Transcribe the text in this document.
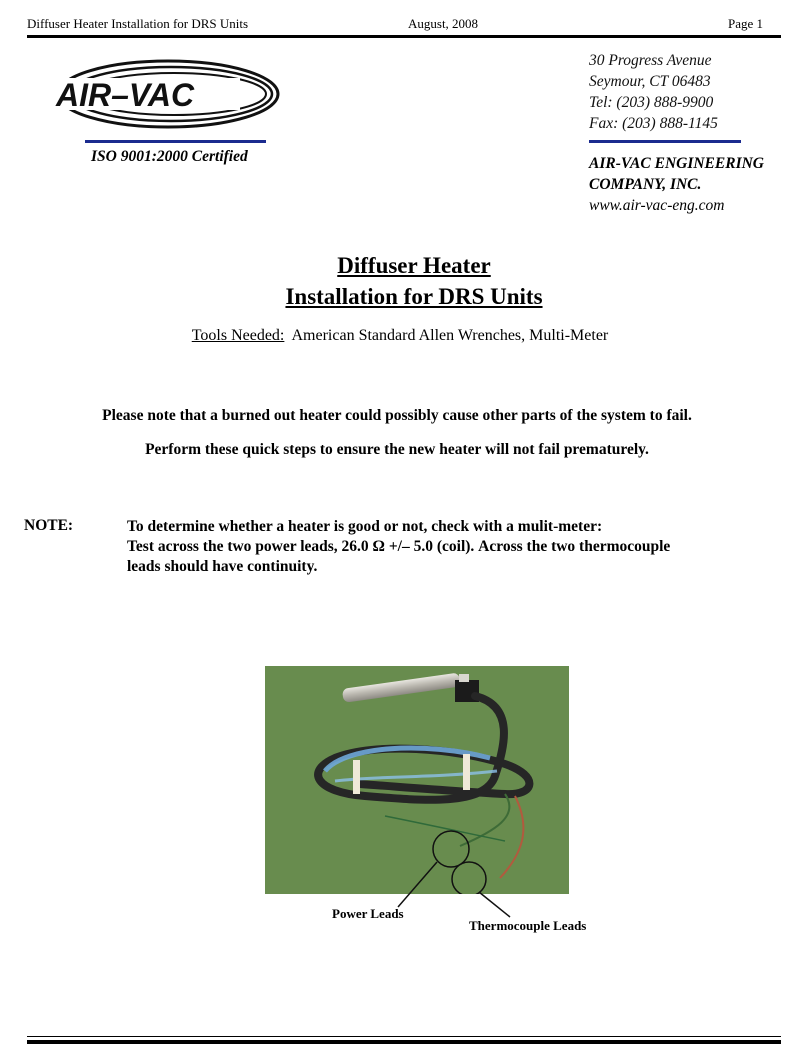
Diffuser Heater Installation for DRS Units	August, 2008	Page 1
AIR–VAC
ISO 9001:2000 Certified
30 Progress Avenue
Seymour, CT 06483
Tel: (203) 888-9900
Fax: (203) 888-1145
AIR-VAC ENGINEERING
COMPANY, INC.
www.air-vac-eng.com
Diffuser Heater
Installation for DRS Units
Tools Needed: American Standard Allen Wrenches, Multi-Meter
Please note that a burned out heater could possibly cause other parts of the system to fail.
Perform these quick steps to ensure the new heater will not fail prematurely.
NOTE:	To determine whether a heater is good or not, check with a mulit-meter:
Test across the two power leads, 26.0 Ω +/– 5.0 (coil). Across the two thermocouple
leads should have continuity.
Power Leads
Thermocouple Leads
